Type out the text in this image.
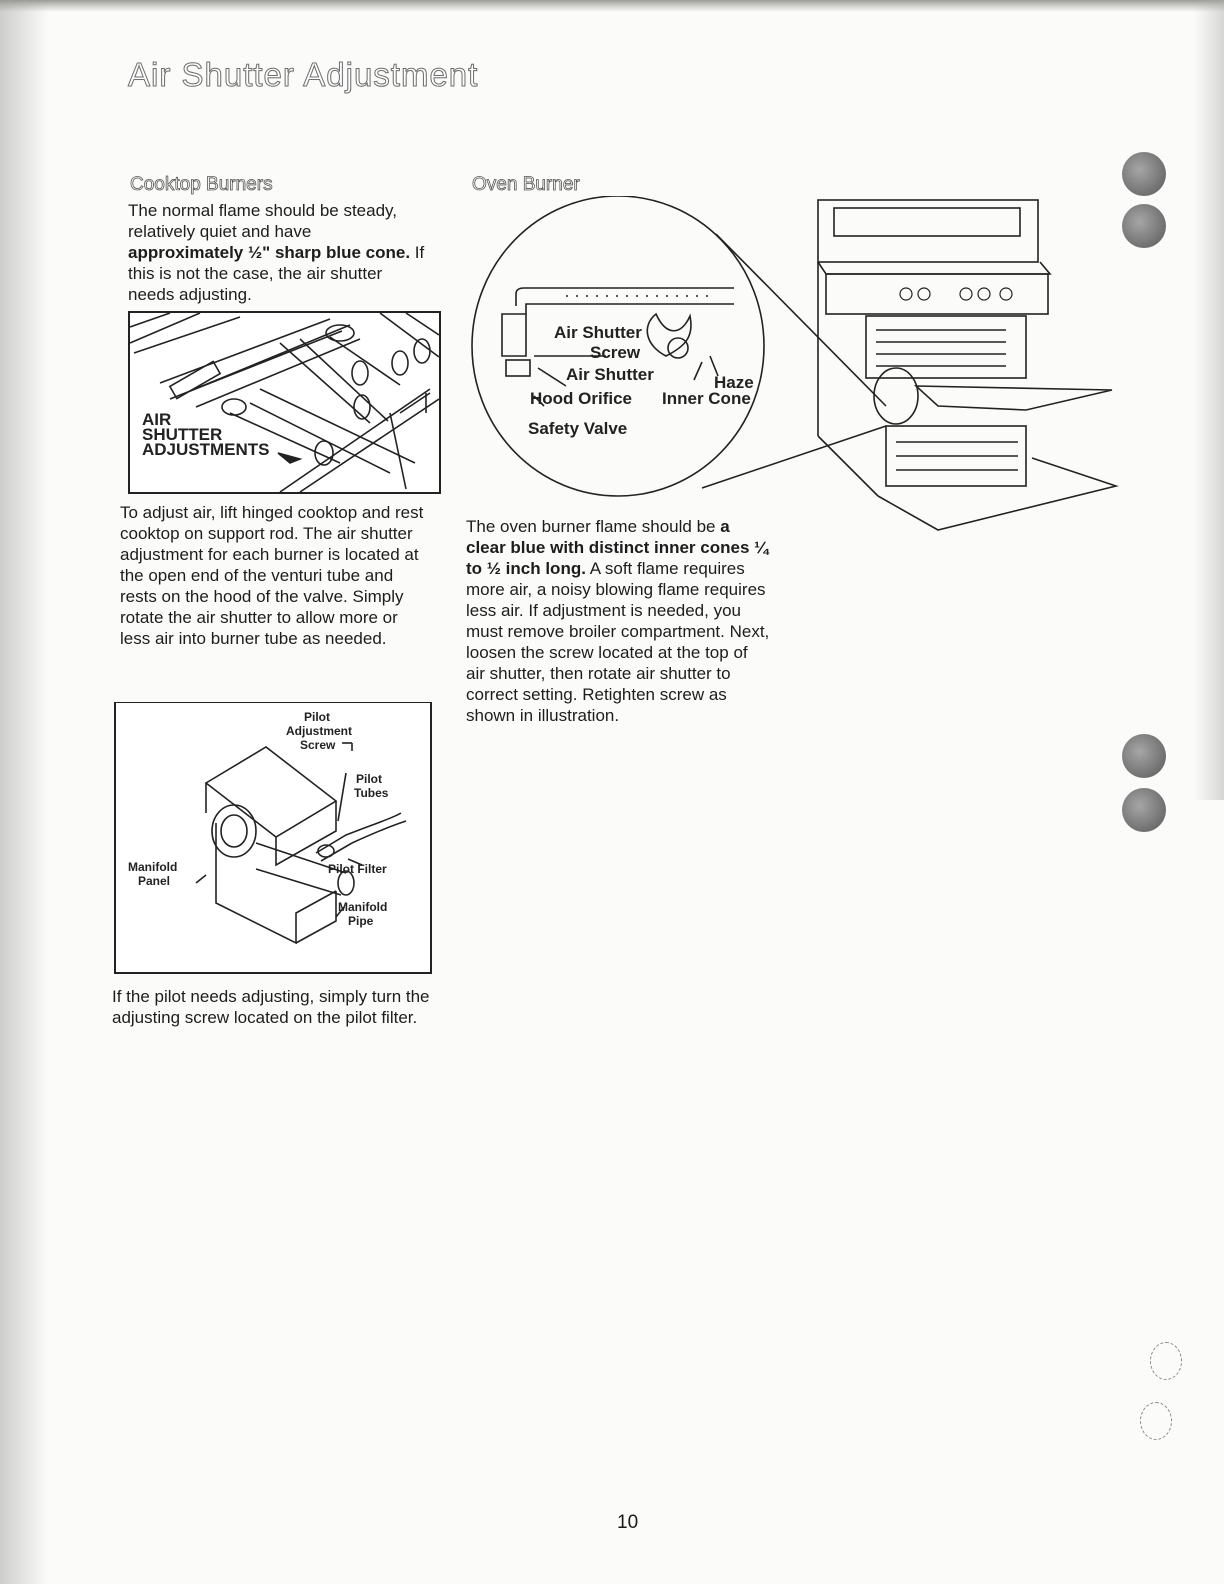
Air Shutter Adjustment
Cooktop Burners
The normal flame should be steady, relatively quiet and have approximately ½" sharp blue cone. If this is not the case, the air shutter needs adjusting.
AIR
SHUTTER
ADJUSTMENTS
To adjust air, lift hinged cooktop and rest cooktop on support rod. The air shutter adjustment for each burner is located at the open end of the venturi tube and rests on the hood of the valve. Simply rotate the air shutter to allow more or less air into burner tube as needed.
Pilot
Adjustment
Screw
Pilot
Tubes
Manifold
Panel
Pilot Filter
Manifold
Pipe
If the pilot needs adjusting, simply turn the adjusting screw located on the pilot filter.
Oven Burner
Air Shutter
Screw
Air Shutter	Haze
Hood Orifice Inner Cone
Safety Valve
The oven burner flame should be a clear blue with distinct inner cones ¼ to ½ inch long. A soft flame requires more air, a noisy blowing flame requires less air. If adjustment is needed, you must remove broiler compartment. Next, loosen the screw located at the top of air shutter, then rotate air shutter to correct setting. Retighten screw as shown in illustration.
10
